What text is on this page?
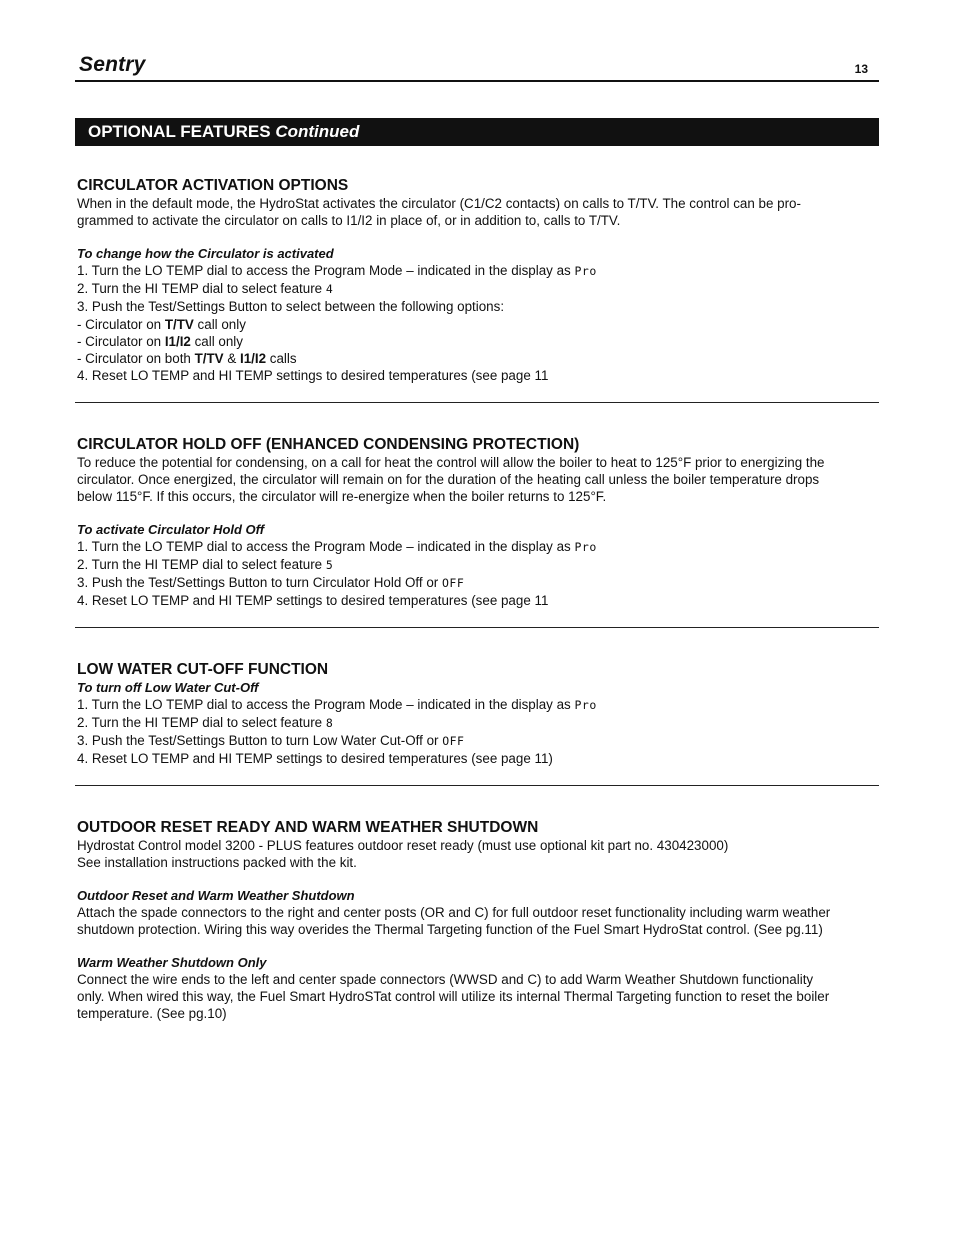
Sentry	13
OPTIONAL FEATURES Continued
CIRCULATOR ACTIVATION OPTIONS

When in the default mode, the HydroStat activates the circulator (C1/C2 contacts) on calls to T/TV. The control can be pro-

grammed to activate the circulator on calls to I1/I2 in place of, or in addition to, calls to T/TV.

To change how the Circulator is activated

1. Turn the LO TEMP dial to access the Program Mode – indicated in the display as Pro

2. Turn the HI TEMP dial to select feature 4

3. Push the Test/Settings Button to select between the following options:

- Circulator on T/TV call only

- Circulator on I1/I2 call only

- Circulator on both T/TV & I1/I2 calls

4. Reset LO TEMP and HI TEMP settings to desired temperatures (see page 11

CIRCULATOR HOLD OFF (ENHANCED CONDENSING PROTECTION)

To reduce the potential for condensing, on a call for heat the control will allow the boiler to heat to 125°F prior to energizing the

circulator. Once energized, the circulator will remain on for the duration of the heating call unless the boiler temperature drops

below 115°F. If this occurs, the circulator will re-energize when the boiler returns to 125°F.

To activate Circulator Hold Off

1. Turn the LO TEMP dial to access the Program Mode – indicated in the display as Pro

2. Turn the HI TEMP dial to select feature 5

3. Push the Test/Settings Button to turn Circulator Hold Off or OFF

4. Reset LO TEMP and HI TEMP settings to desired temperatures (see page 11

LOW WATER CUT-OFF FUNCTION

To turn off Low Water Cut-Off

1. Turn the LO TEMP dial to access the Program Mode – indicated in the display as Pro

2. Turn the HI TEMP dial to select feature 8

3. Push the Test/Settings Button to turn Low Water Cut-Off or OFF

4. Reset LO TEMP and HI TEMP settings to desired temperatures (see page 11)

OUTDOOR RESET READY AND WARM WEATHER SHUTDOWN

Hydrostat Control model 3200 - PLUS features outdoor reset ready (must use optional kit part no. 430423000)

See installation instructions packed with the kit.

Outdoor Reset and Warm Weather Shutdown

Attach the spade connectors to the right and center posts (OR and C) for full outdoor reset functionality including warm weather

shutdown protection. Wiring this way overides the Thermal Targeting function of the Fuel Smart HydroStat control. (See pg.11)

Warm Weather Shutdown Only

Connect the wire ends to the left and center spade connectors (WWSD and C) to add Warm Weather Shutdown functionality

only. When wired this way, the Fuel Smart HydroSTat control will utilize its internal Thermal Targeting function to reset the boiler

temperature. (See pg.10)
